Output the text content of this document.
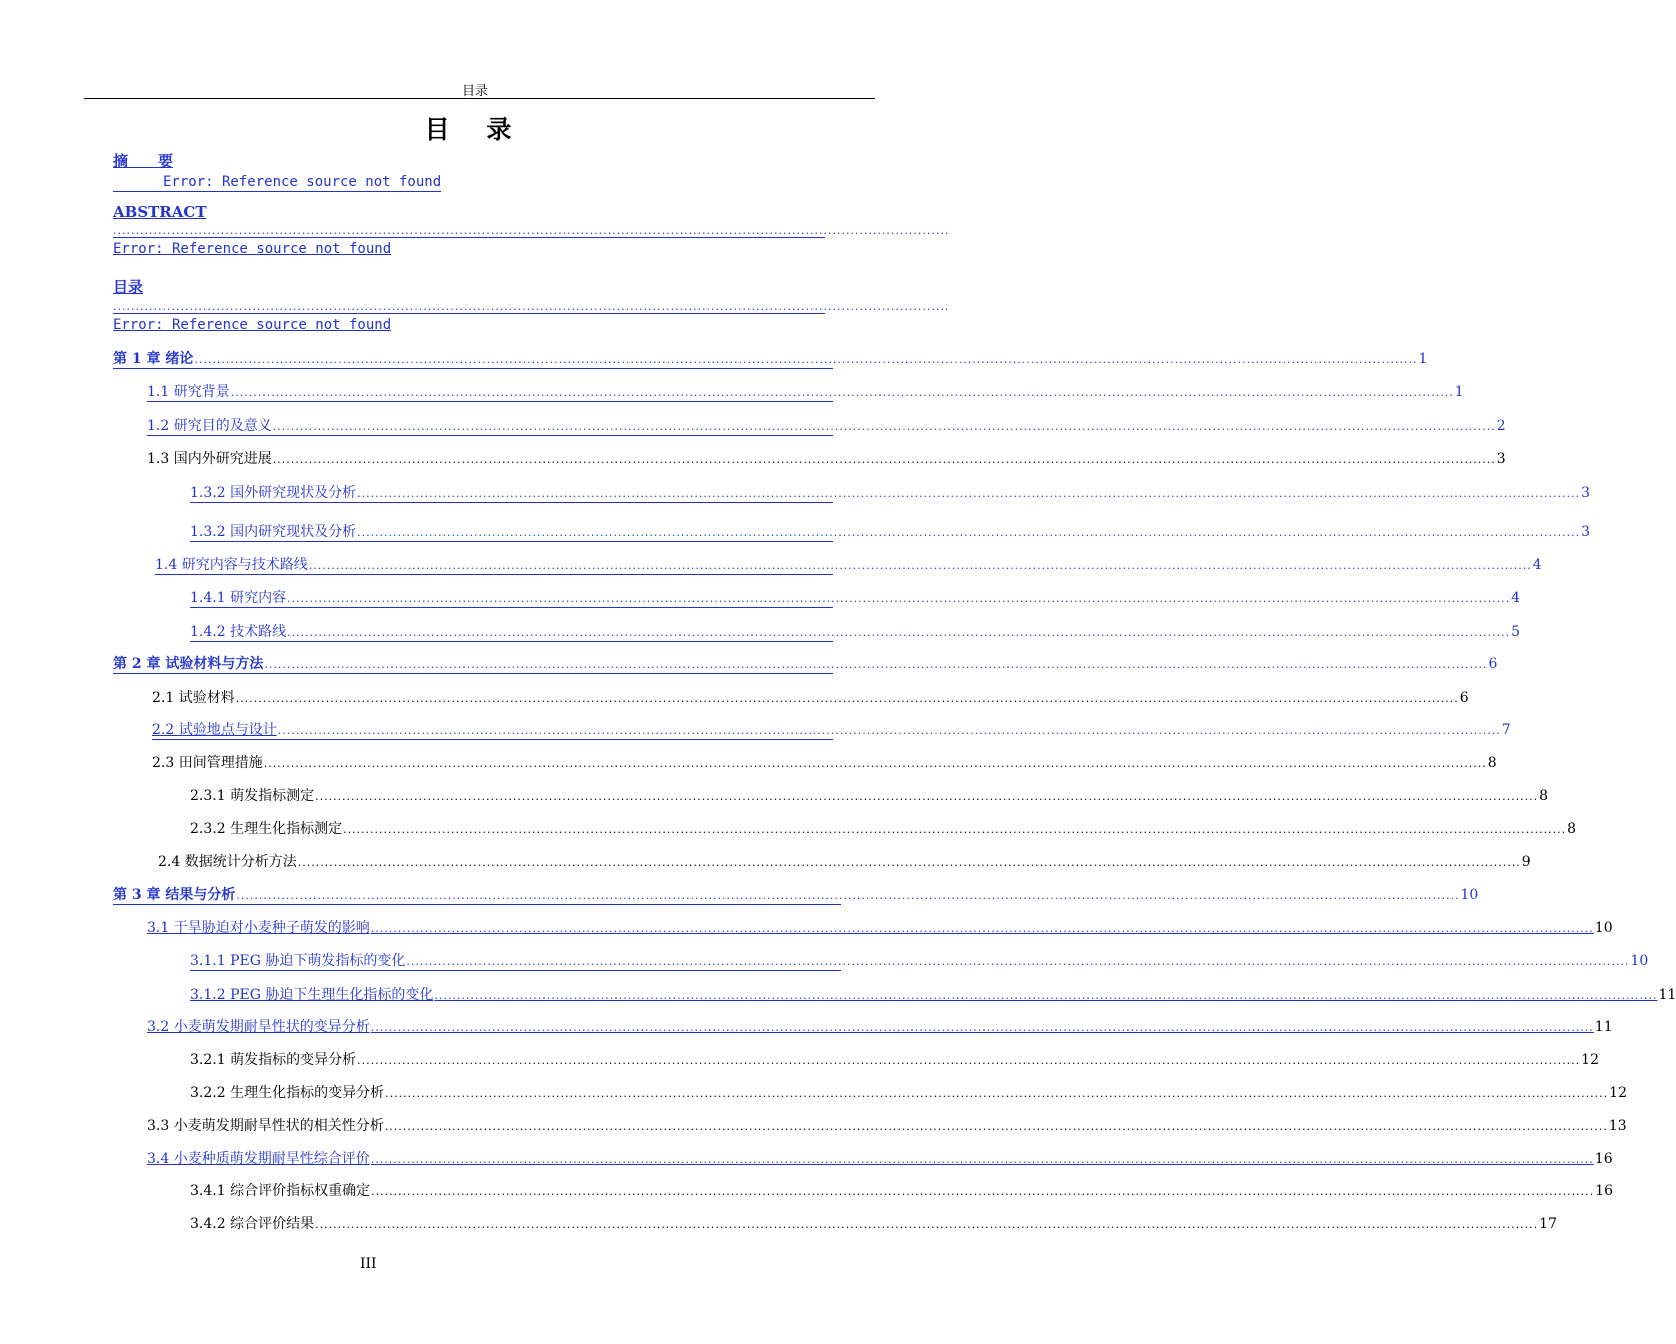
目录
目 录
摘　　要
Error: Reference source not found
ABSTRACT
..........................................................................................................................................................................................
Error: Reference source not found
目录
..........................................................................................................................................................................................
Error: Reference source not found
第 1 章 绪论 .....	1
1.1 研究背景 .....	1
1.2 研究目的及意义 .....	2
1.3 国内外研究进展 .....	3
1.3.2 国外研究现状及分析 .....	3
1.3.2 国内研究现状及分析 .....	3
1.4 研究内容与技术路线 .....	4
1.4.1 研究内容 .....	4
1.4.2 技术路线 .....	5
第 2 章 试验材料与方法 .....	6
2.1 试验材料 .....	6
2.2 试验地点与设计 .....	7
2.3 田间管理措施 .....	8
2.3.1 萌发指标测定 .....	8
2.3.2 生理生化指标测定 .....	8
2.4 数据统计分析方法 .....	9
第 3 章 结果与分析 .....	10
3.1 干旱胁迫对小麦种子萌发的影响 .....	10
3.1.1 PEG 胁迫下萌发指标的变化 .....	10
3.1.2 PEG 胁迫下生理生化指标的变化 .....	11
3.2 小麦萌发期耐旱性状的变异分析 .....	11
3.2.1 萌发指标的变异分析 .....	12
3.2.2 生理生化指标的变异分析 .....	12
3.3 小麦萌发期耐旱性状的相关性分析 .....	13
3.4 小麦种质萌发期耐旱性综合评价 .....	16
3.4.1 综合评价指标权重确定 .....	16
3.4.2 综合评价结果 .....	17
III
